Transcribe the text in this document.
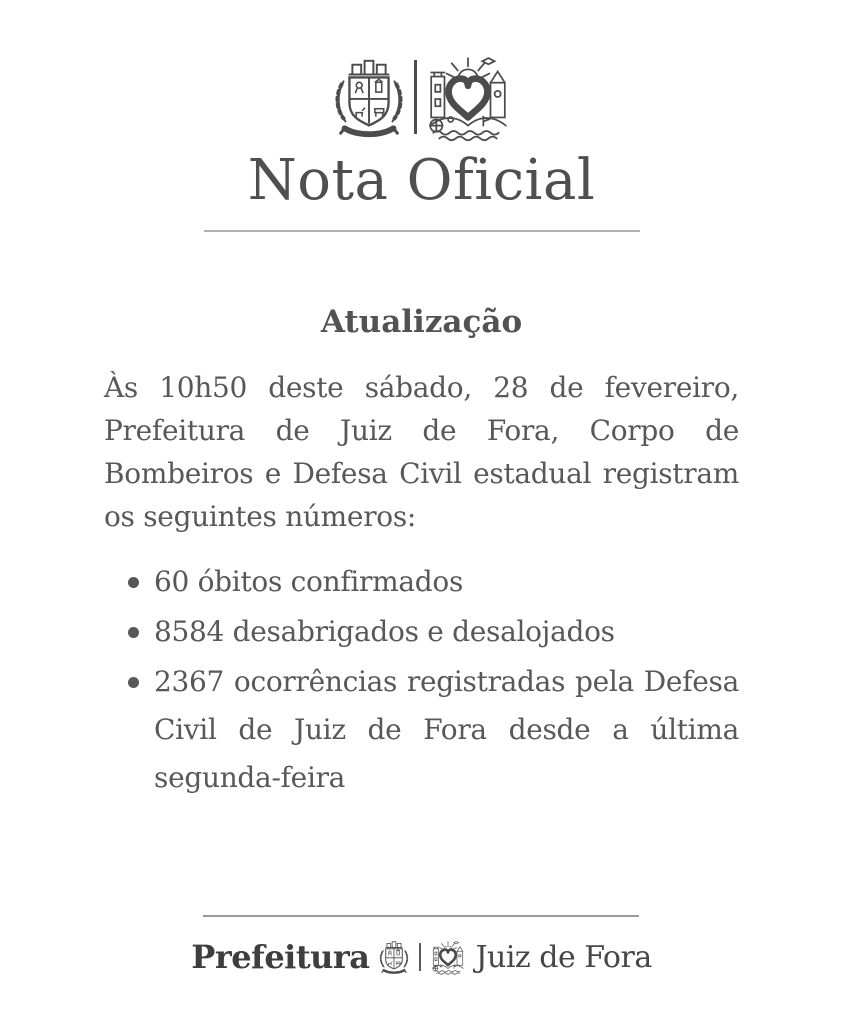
Nota Oficial
Atualização
Às 10h50 deste sábado, 28 de fevereiro,
Prefeitura de Juiz de Fora, Corpo de
Bombeiros e Defesa Civil estadual registram
os seguintes números:
60 óbitos confirmados
8584 desabrigados e desalojados
2367 ocorrências registradas pela Defesa
Civil de Juiz de Fora desde a última
segunda-feira
Prefeitura	Juiz de Fora
